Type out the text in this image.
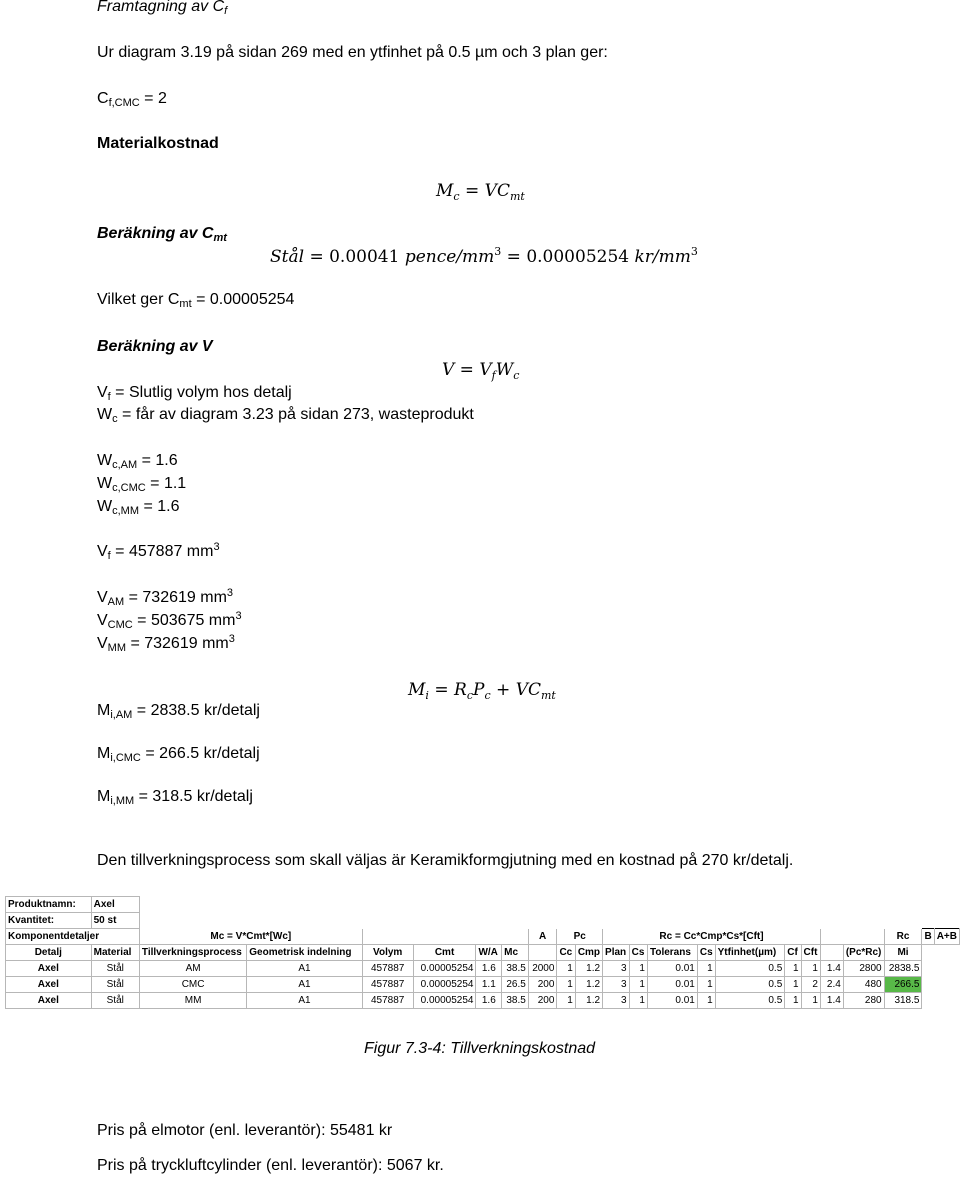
Framtagning av $C_f$
Ur diagram 3.19 på sidan 269 med en ytfinhet på 0.5 µm och 3 plan ger:
$C_{f,CMC} = 2$
Materialkostnad
$M_c = VC_{mt}$
Beräkning av $C_{mt}$
Stål = 0.00041 pence/$mm^3 = 0.00005254$ $kr/mm^3$
Vilket ger $C_{mt} = 0.00005254$
Beräkning av V
$V = V_fW_c$
$V_f$ = Slutlig volym hos detalj
$W_c$ = får av diagram 3.23 på sidan 273, wasteprodukt
$W_{c,AM} = 1.6$
$W_{c,CMC} = 1.1$
$W_{c,MM} = 1.6$
$V_f = 457887$ $mm^3$
$V_{AM} = 732619$ $mm^3$
$V_{CMC} = 503675$ $mm^3$
$V_{MM} = 732619$ $mm^3$
$M_i = R_cP_c + VC_{mt}$
$M_{i,AM} = 2838.5$ kr/detalj
$M_{i,CMC} = 266.5$ kr/detalj
$M_{i,MM} = 318.5$ kr/detalj
Den tillverkningsprocess som skall väljas är Keramikformgjutning med en kostnad på 270 kr/detalj.
Produktnamn:	Axel																					
Kvantitet:	50 st																					
Komponentdetaljer		Mc = V*Cmt*[Wc]						A	Pc		Rc = Cc*Cmp*Cs*[Cft]									Rc	B	A+B
Detalj	Material	Tillverkningsprocess	Geometrisk indelning	Volym	Cmt	W/A	Mc		Cc	Cmp	Plan	Cs	Tolerans	Cs	Ytfinhet(µm)	Cf	Cft		(Pc*Rc)	Mi		
Axel	Stål	AM	A1	457887	0.00005254	1.6	38.5	2000	1	1.2	3	1	0.01	1	0.5	1	1	1.4	2800	2838.5		
Axel	Stål	CMC	A1	457887	0.00005254	1.1	26.5	200	1	1.2	3	1	0.01	1	0.5	1	2	2.4	480	266.5		
Axel	Stål	MM	A1	457887	0.00005254	1.6	38.5	200	1	1.2	3	1	0.01	1	0.5	1	1	1.4	280	318.5		
Figur 7.3-4: Tillverkningskostnad
Pris på elmotor (enl. leverantör): 55481 kr
Pris på tryckluftcylinder (enl. leverantör): 5067 kr.
